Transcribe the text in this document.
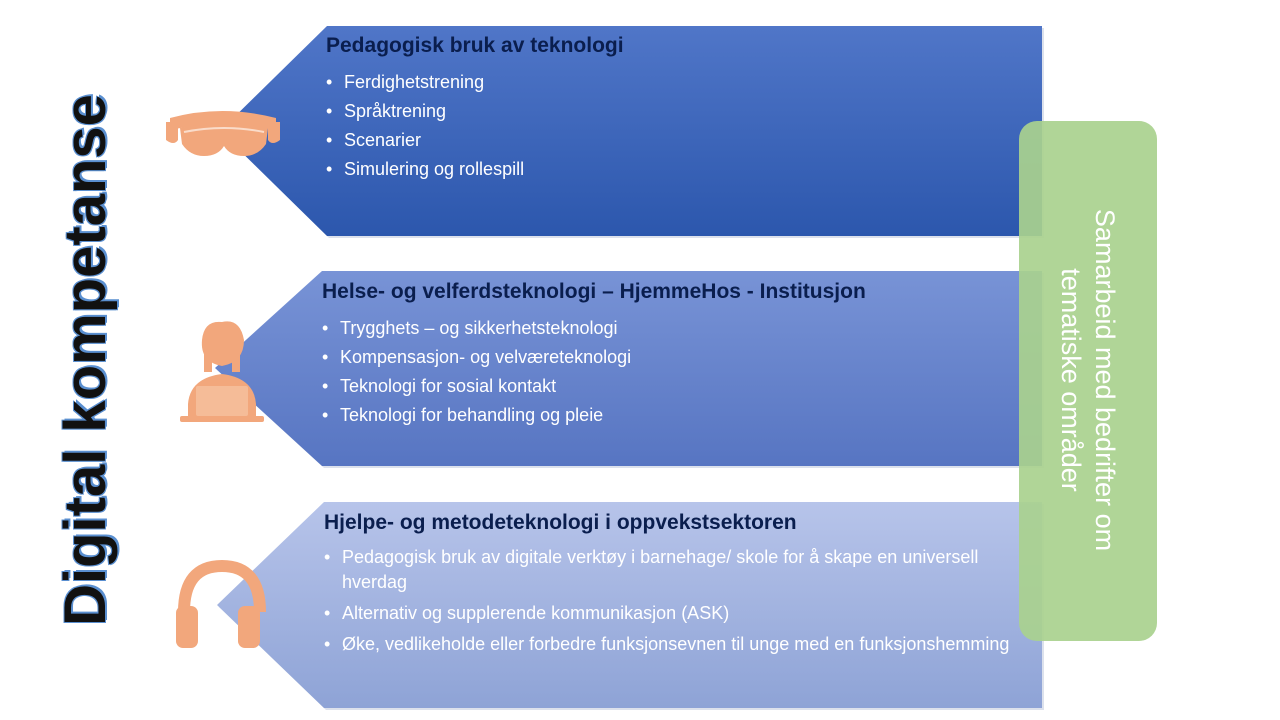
Digital kompetanse
Pedagogisk bruk av teknologi
• Ferdighetstrening
• Språktrening
• Scenarier
• Simulering og rollespill
Helse- og velferdsteknologi – HjemmeHos - Institusjon
• Trygghets – og sikkerhetsteknologi
• Kompensasjon- og velværeteknologi
• Teknologi for sosial kontakt
• Teknologi for behandling og pleie
Hjelpe- og metodeteknologi i oppvekstsektoren
• Pedagogisk bruk av digitale verktøy i barnehage/ skole for å skape en universell hverdag
• Alternativ og supplerende kommunikasjon (ASK)
• Øke, vedlikeholde eller forbedre funksjonsevnen til unge med en funksjonshemming
Samarbeid med bedrifter om
tematiske områder
